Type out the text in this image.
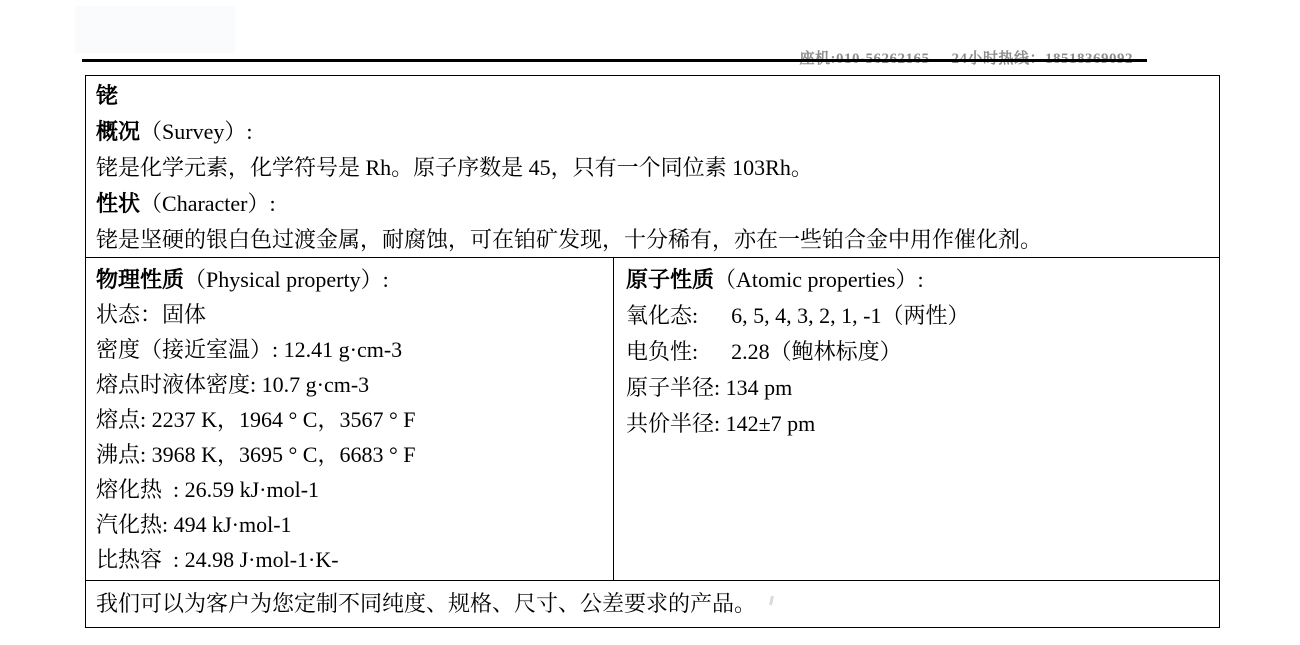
铑
概况（Survey）:
铑是化学元素，化学符号是 Rh。原子序数是 45，只有一个同位素 103Rh。
性状（Character）:
铑是坚硬的银白色过渡金属，耐腐蚀，可在铂矿发现，十分稀有，亦在一些铂合金中用作催化剂。
物理性质（Physical property）:
状态：固体
密度（接近室温）: 12.41 g·cm-3
熔点时液体密度: 10.7 g·cm-3
熔点: 2237 K，1964 ° C，3567 ° F
沸点: 3968 K，3695 ° C，6683 ° F
熔化热  : 26.59 kJ·mol-1
汽化热: 494 kJ·mol-1
比热容  : 24.98 J·mol-1·K-
原子性质（Atomic properties）:
氧化态:      6, 5, 4, 3, 2, 1, -1（两性）
电负性:      2.28（鲍林标度）
原子半径: 134 pm
共价半径: 142±7 pm
我们可以为客户为您定制不同纯度、规格、尺寸、公差要求的产品。
